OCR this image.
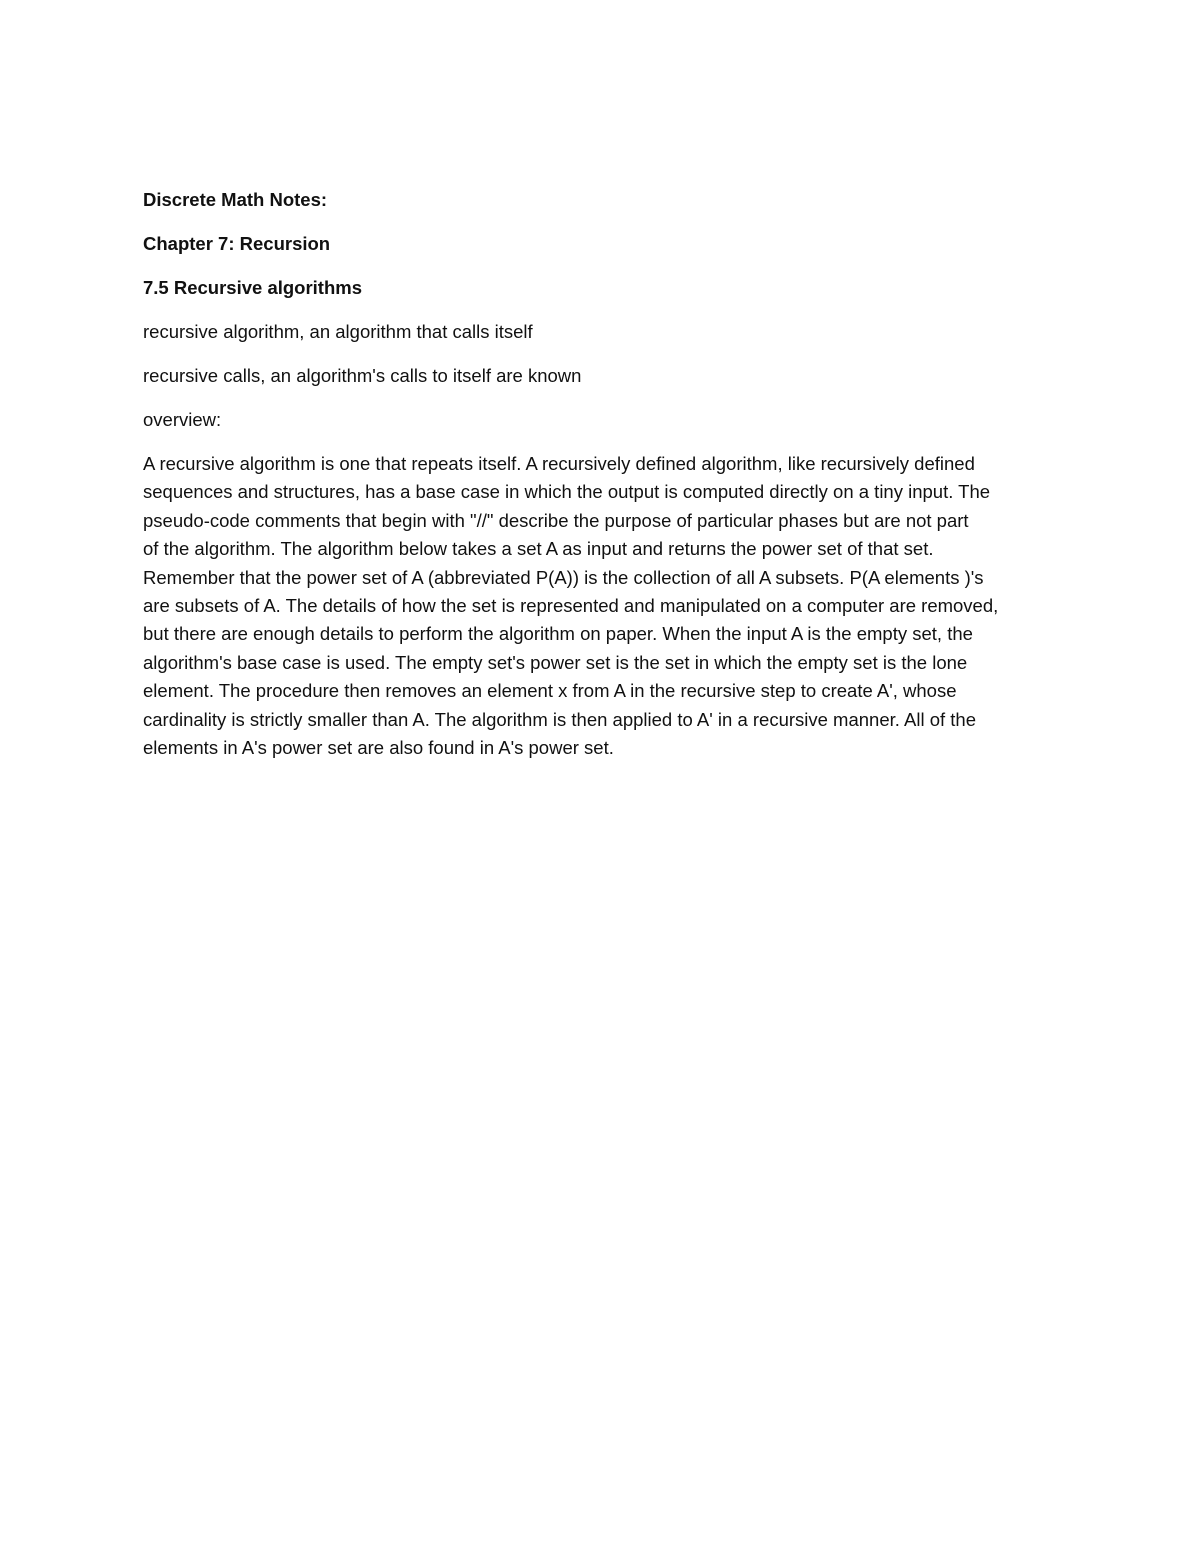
Discrete Math Notes:

Chapter 7: Recursion

7.5 Recursive algorithms

recursive algorithm, an algorithm that calls itself

recursive calls, an algorithm's calls to itself are known

overview:

A recursive algorithm is one that repeats itself. A recursively defined algorithm, like recursively defined
sequences and structures, has a base case in which the output is computed directly on a tiny input. The
pseudo-code comments that begin with "//" describe the purpose of particular phases but are not part
of the algorithm. The algorithm below takes a set A as input and returns the power set of that set.
Remember that the power set of A (abbreviated P(A)) is the collection of all A subsets. P(A elements )'s
are subsets of A. The details of how the set is represented and manipulated on a computer are removed,
but there are enough details to perform the algorithm on paper. When the input A is the empty set, the
algorithm's base case is used. The empty set's power set is the set in which the empty set is the lone
element. The procedure then removes an element x from A in the recursive step to create A', whose
cardinality is strictly smaller than A. The algorithm is then applied to A' in a recursive manner. All of the
elements in A's power set are also found in A's power set.
